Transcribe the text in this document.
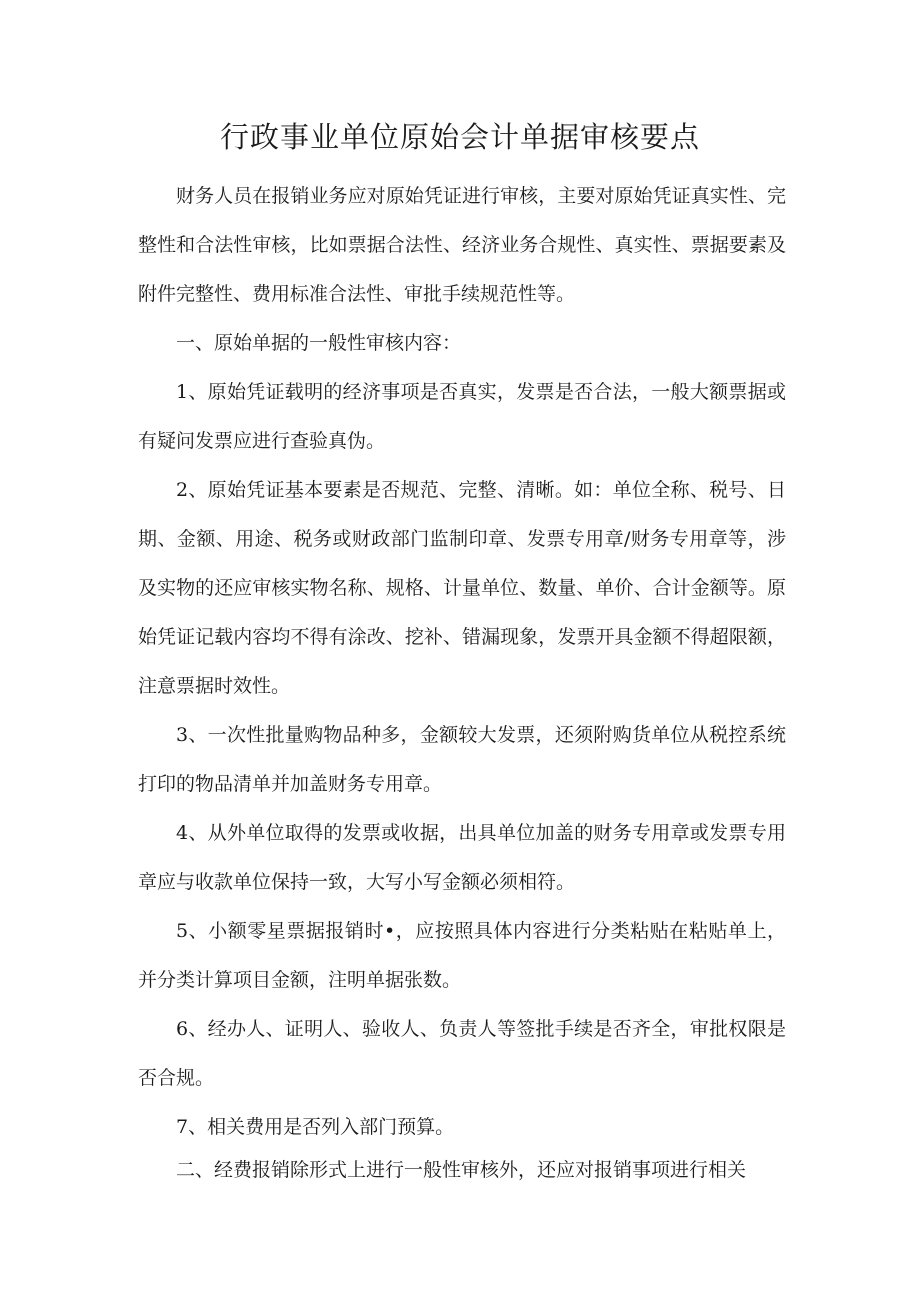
行政事业单位原始会计单据审核要点

财务人员在报销业务应对原始凭证进行审核，主要对原始凭证真实性、完整性和合法性审核，比如票据合法性、经济业务合规性、真实性、票据要素及附件完整性、费用标准合法性、审批手续规范性等。

一、原始单据的一般性审核内容：

1、原始凭证载明的经济事项是否真实，发票是否合法，一般大额票据或有疑问发票应进行查验真伪。

2、原始凭证基本要素是否规范、完整、清晰。如：单位全称、税号、日期、金额、用途、税务或财政部门监制印章、发票专用章/财务专用章等，涉及实物的还应审核实物名称、规格、计量单位、数量、单价、合计金额等。原始凭证记载内容均不得有涂改、挖补、错漏现象，发票开具金额不得超限额，注意票据时效性。

3、一次性批量购物品种多，金额较大发票，还须附购货单位从税控系统打印的物品清单并加盖财务专用章。

4、从外单位取得的发票或收据，出具单位加盖的财务专用章或发票专用章应与收款单位保持一致，大写小写金额必须相符。

5、小额零星票据报销时•，应按照具体内容进行分类粘贴在粘贴单上，并分类计算项目金额，注明单据张数。

6、经办人、证明人、验收人、负责人等签批手续是否齐全，审批权限是否合规。

7、相关费用是否列入部门预算。

二、经费报销除形式上进行一般性审核外，还应对报销事项进行相关
